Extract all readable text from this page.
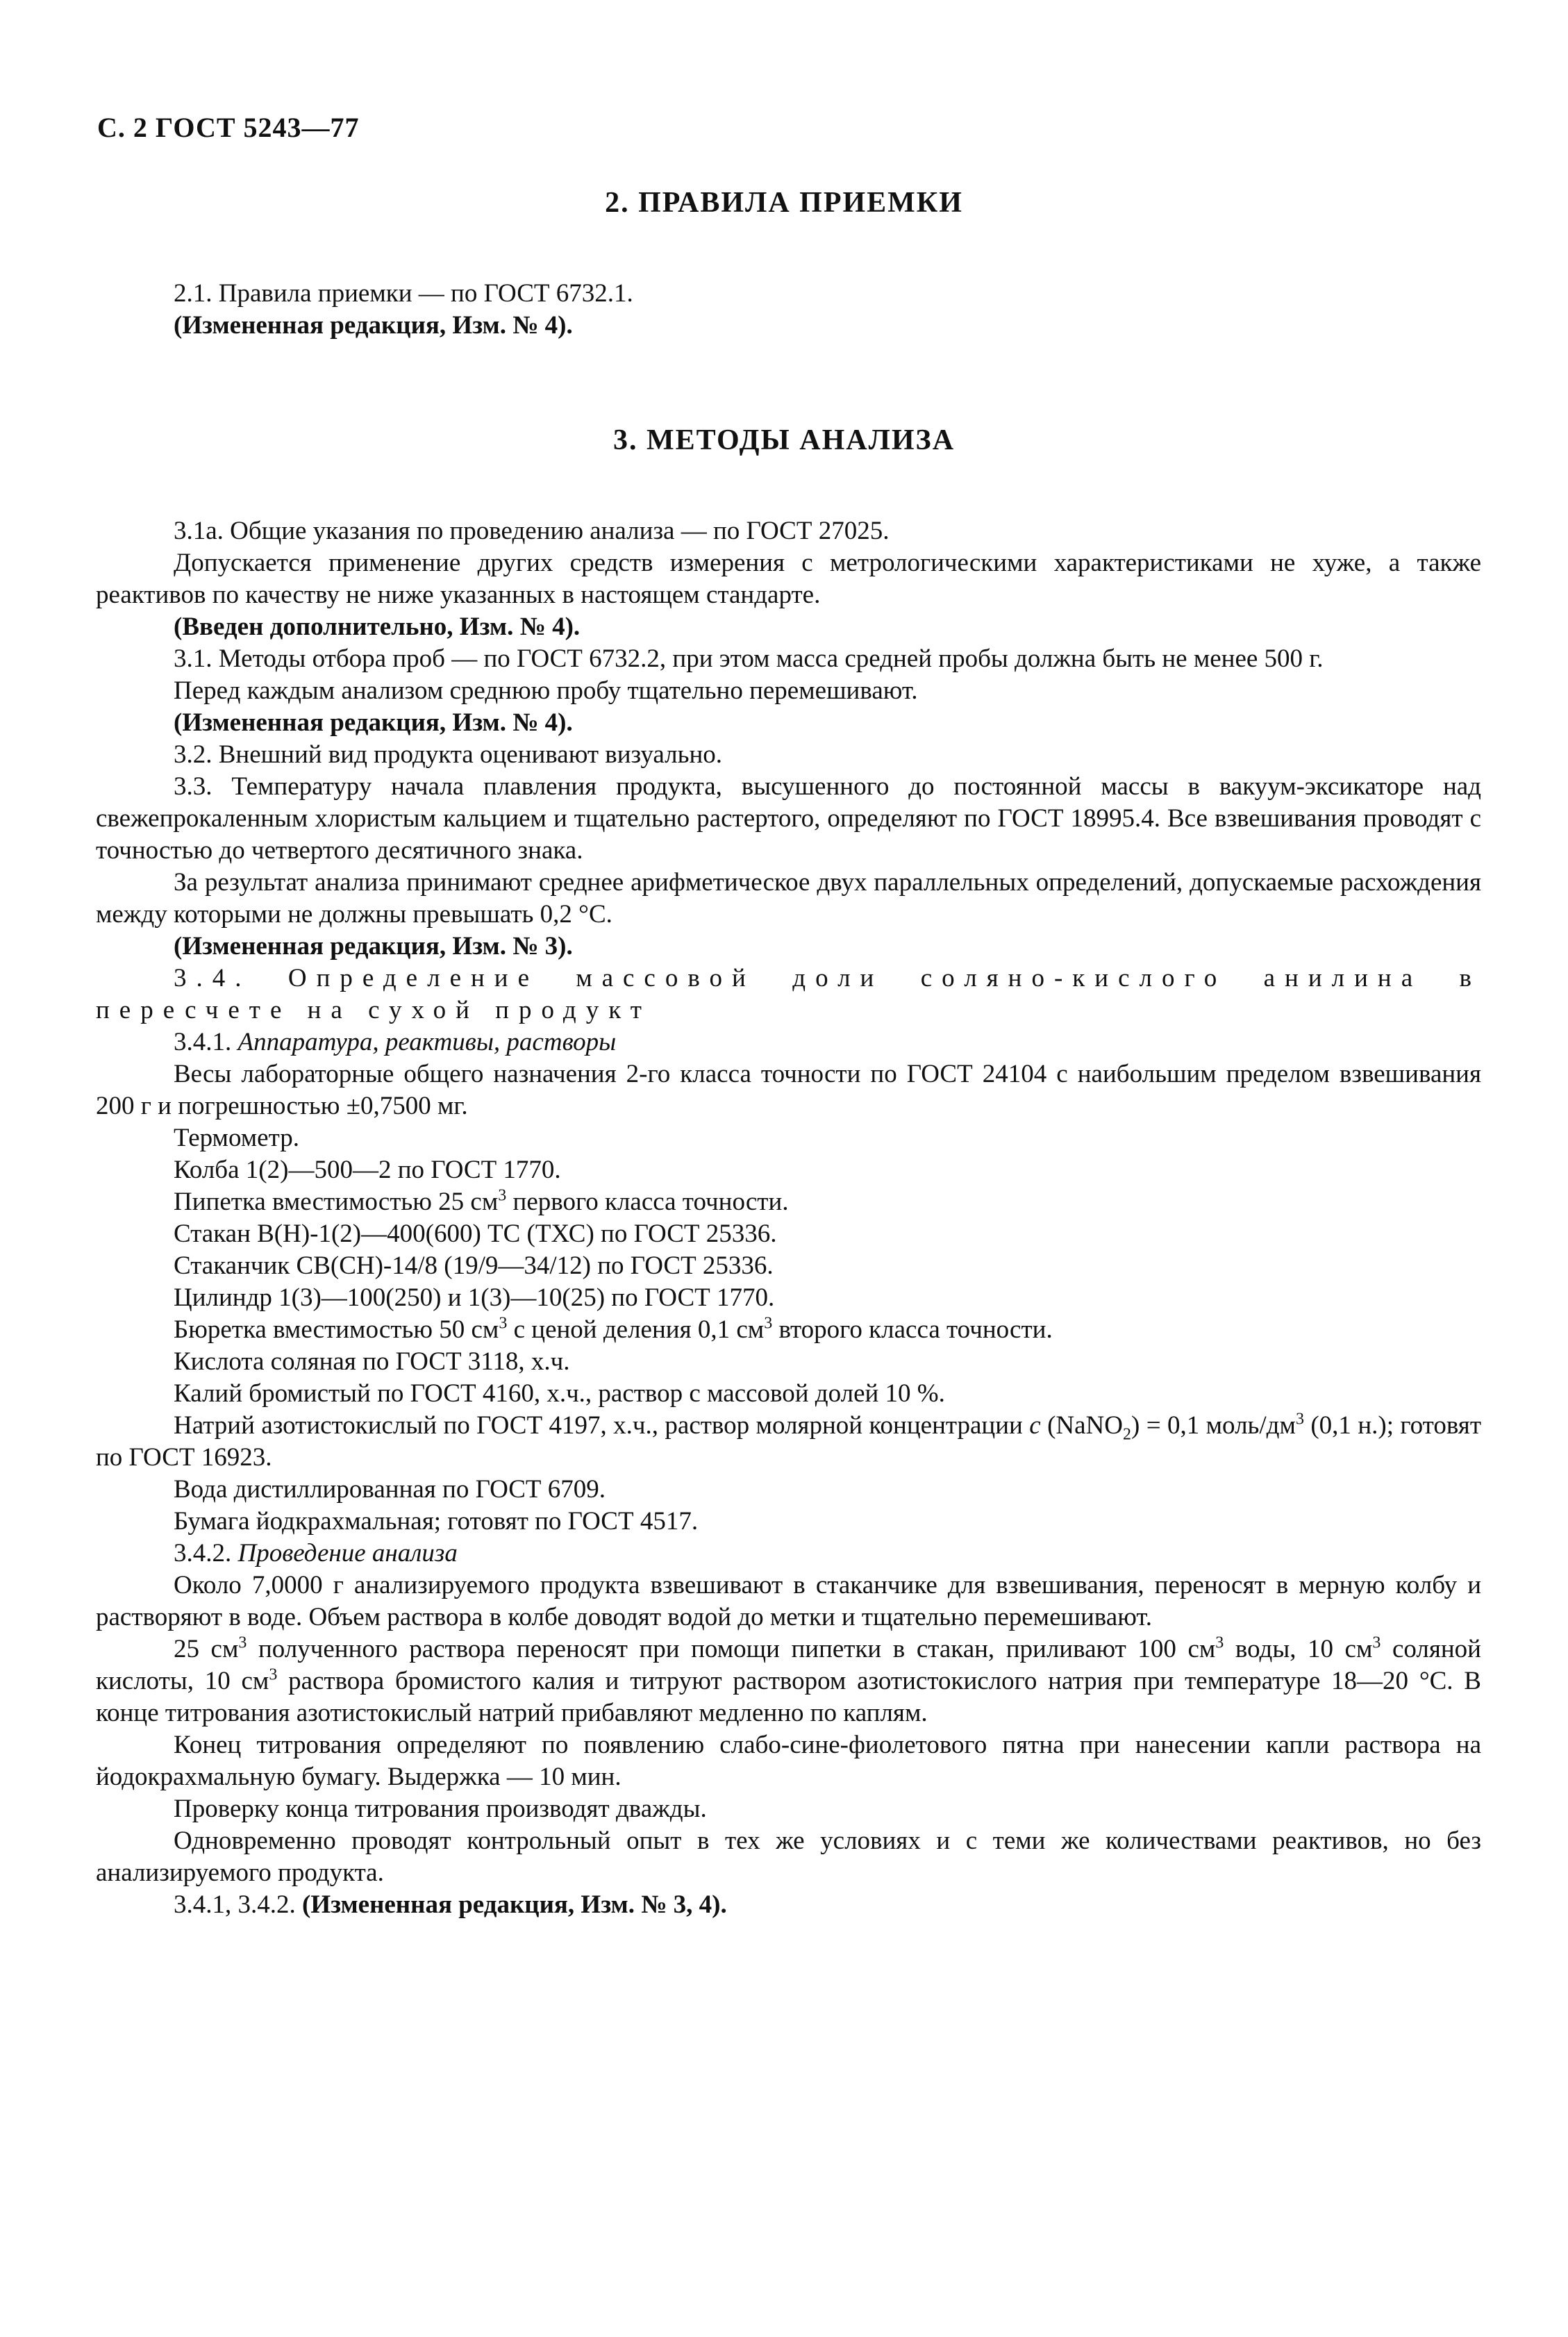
С. 2 ГОСТ 5243—77
2. ПРАВИЛА ПРИЕМКИ

2.1. Правила приемки — по ГОСТ 6732.1.

(Измененная редакция, Изм. № 4).

3. МЕТОДЫ АНАЛИЗА

3.1а. Общие указания по проведению анализа — по ГОСТ 27025.

Допускается применение других средств измерения с метрологическими характеристиками не хуже, а также реактивов по качеству не ниже указанных в настоящем стандарте.

(Введен дополнительно, Изм. № 4).

3.1. Методы отбора проб — по ГОСТ 6732.2, при этом масса средней пробы должна быть не менее 500 г.

Перед каждым анализом среднюю пробу тщательно перемешивают.

(Измененная редакция, Изм. № 4).

3.2. Внешний вид продукта оценивают визуально.

3.3. Температуру начала плавления продукта, высушенного до постоянной массы в вакуум-эксикаторе над свежепрокаленным хлористым кальцием и тщательно растертого, определяют по ГОСТ 18995.4. Все взвешивания проводят с точностью до четвертого десятичного знака.

За результат анализа принимают среднее арифметическое двух параллельных определений, допускаемые расхождения между которыми не должны превышать 0,2 °С.

(Измененная редакция, Изм. № 3).

3.4. Определение массовой доли соляно-кислого анилина в

пересчете на сухой продукт

3.4.1. Аппаратура, реактивы, растворы

Весы лабораторные общего назначения 2-го класса точности по ГОСТ 24104 с наибольшим пределом взвешивания 200 г и погрешностью ±0,7500 мг.

Термометр.

Колба 1(2)—500—2 по ГОСТ 1770.

Пипетка вместимостью 25 $см^3$ первого класса точности.

Стакан В(Н)-1(2)—400(600) ТС (ТХС) по ГОСТ 25336.

Стаканчик СВ(СН)-14/8 (19/9—34/12) по ГОСТ 25336.

Цилиндр 1(3)—100(250) и 1(3)—10(25) по ГОСТ 1770.

Бюретка вместимостью 50 $см^3$ с ценой деления 0,1 $см^3$ второго класса точности.

Кислота соляная по ГОСТ 3118, х.ч.

Калий бромистый по ГОСТ 4160, х.ч., раствор с массовой долей 10 %.

Натрий азотистокислый по ГОСТ 4197, х.ч., раствор молярной концентрации с (NaNO$_2$) = 0,1 моль/$дм^3$ (0,1 н.); готовят по ГОСТ 16923.

Вода дистиллированная по ГОСТ 6709.

Бумага йодкрахмальная; готовят по ГОСТ 4517.

3.4.2. Проведение анализа

Около 7,0000 г анализируемого продукта взвешивают в стаканчике для взвешивания, переносят в мерную колбу и растворяют в воде. Объем раствора в колбе доводят водой до метки и тщательно перемешивают.

25 $см^3$ полученного раствора переносят при помощи пипетки в стакан, приливают 100 $см^3$ воды, 10 $см^3$ соляной кислоты, 10 $см^3$ раствора бромистого калия и титруют раствором азотистокислого натрия при температуре 18—20 °С. В конце титрования азотистокислый натрий прибавляют медленно по каплям.

Конец титрования определяют по появлению слабо-сине-фиолетового пятна при нанесении капли раствора на йодокрахмальную бумагу. Выдержка — 10 мин.

Проверку конца титрования производят дважды.

Одновременно проводят контрольный опыт в тех же условиях и с теми же количествами реактивов, но без анализируемого продукта.

3.4.1, 3.4.2. (Измененная редакция, Изм. № 3, 4).
